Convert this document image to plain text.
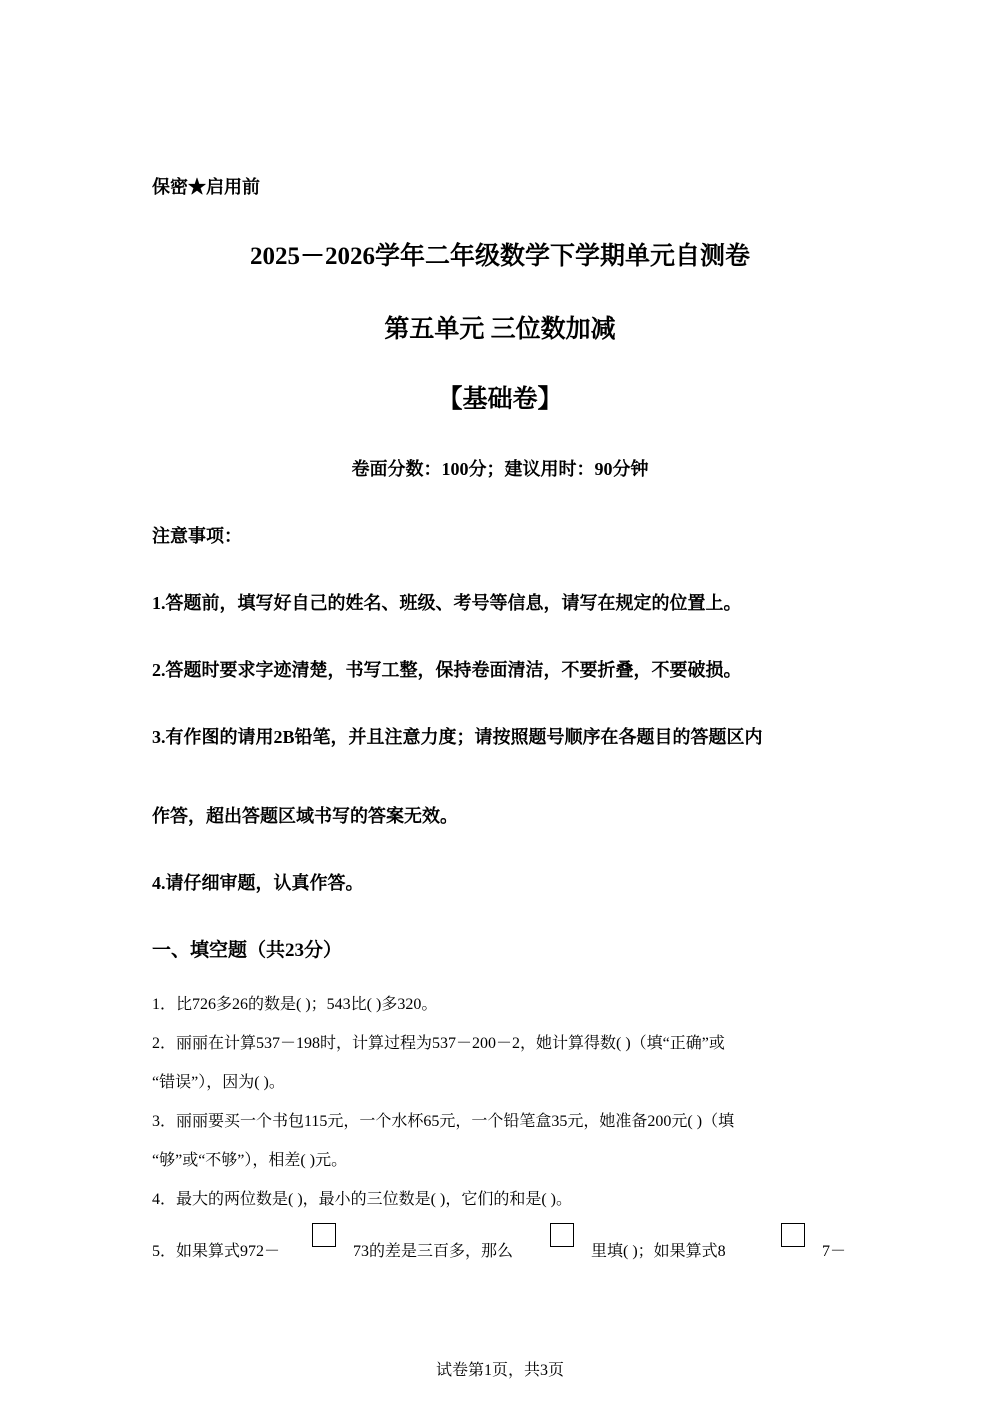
保密★启用前
2025－2026学年二年级数学下学期单元自测卷
第五单元 三位数加减
【基础卷】
卷面分数：100分；建议用时：90分钟
注意事项：
1.答题前，填写好自己的姓名、班级、考号等信息，请写在规定的位置上。
2.答题时要求字迹清楚，书写工整，保持卷面清洁，不要折叠，不要破损。
3.有作图的请用2B铅笔，并且注意力度；请按照题号顺序在各题目的答题区内
作答，超出答题区域书写的答案无效。
4.请仔细审题，认真作答。
一、填空题（共23分）
1．比726多26的数是( )；543比( )多320。
2．丽丽在计算537－198时，计算过程为537－200－2，她计算得数( )（填“正确”或
“错误”），因为( )。
3．丽丽要买一个书包115元，一个水杯65元，一个铅笔盒35元，她准备200元( )（填
“够”或“不够”），相差( )元。
4．最大的两位数是( )，最小的三位数是( )，它们的和是( )。
5．如果算式972－	73的差是三百多，那么	里填( )；如果算式8	7－
试卷第1页，共3页
